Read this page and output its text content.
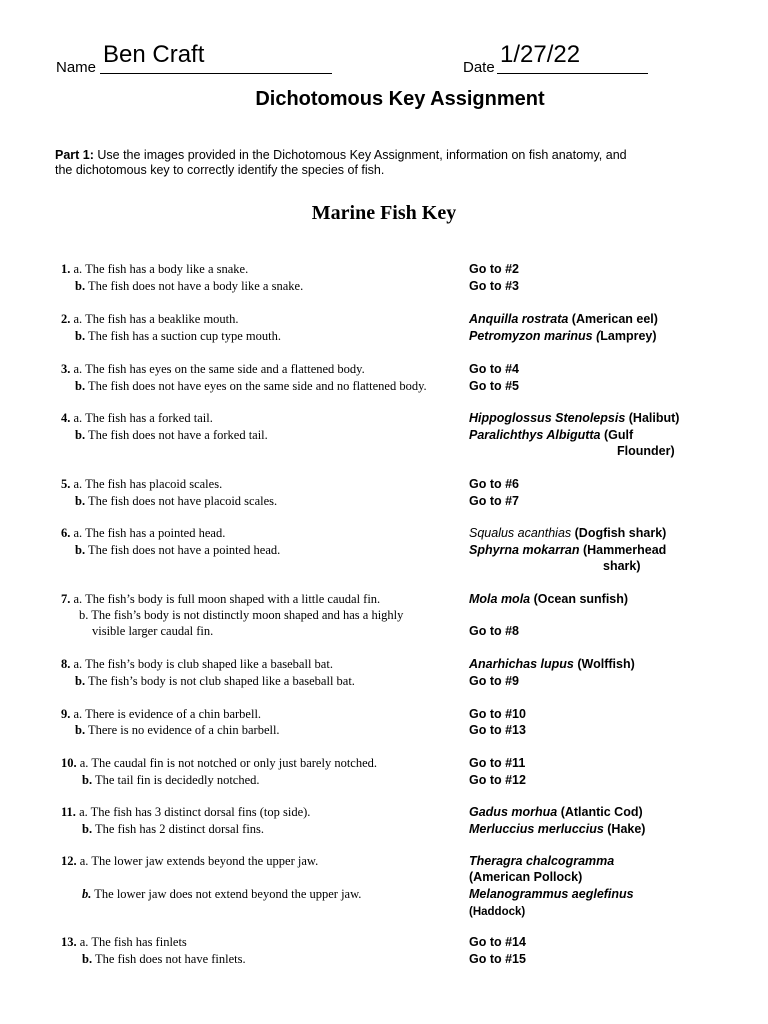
Name Ben Craft	Date 1/27/22
Dichotomous Key Assignment
Part 1: Use the images provided in the Dichotomous Key Assignment, information on fish anatomy, and
the dichotomous key to correctly identify the species of fish.
Marine Fish Key
1. a. The fish has a body like a snake.
b. The fish does not have a body like a snake.
Go to #2
Go to #3
2. a. The fish has a beaklike mouth.
b. The fish has a suction cup type mouth.
Anquilla rostrata (American eel)
Petromyzon marinus (Lamprey)
3. a. The fish has eyes on the same side and a flattened body.
b. The fish does not have eyes on the same side and no flattened body.
Go to #4
Go to #5
4. a. The fish has a forked tail.
b. The fish does not have a forked tail.
Hippoglossus Stenolepsis (Halibut)
Paralichthys Albigutta (Gulf
Flounder)
5. a. The fish has placoid scales.
b. The fish does not have placoid scales.
Go to #6
Go to #7
6. a. The fish has a pointed head.
b. The fish does not have a pointed head.
Squalus acanthias (Dogfish shark)
Sphyrna mokarran (Hammerhead
shark)
7. a. The fish’s body is full moon shaped with a little caudal fin.
b. The fish’s body is not distinctly moon shaped and has a highly
visible larger caudal fin.
Mola mola (Ocean sunfish)
Go to #8
8. a. The fish’s body is club shaped like a baseball bat.
b. The fish’s body is not club shaped like a baseball bat.
Anarhichas lupus (Wolffish)
Go to #9
9. a. There is evidence of a chin barbell.
b. There is no evidence of a chin barbell.
Go to #10
Go to #13
10. a. The caudal fin is not notched or only just barely notched.
b. The tail fin is decidedly notched.
Go to #11
Go to #12
11. a. The fish has 3 distinct dorsal fins (top side).
b. The fish has 2 distinct dorsal fins.
Gadus morhua (Atlantic Cod)
Merluccius merluccius (Hake)
12. a. The lower jaw extends beyond the upper jaw.
b. The lower jaw does not extend beyond the upper jaw.
Theragra chalcogramma
(American Pollock)
Melanogrammus aeglefinus
(Haddock)
13. a. The fish has finlets
b. The fish does not have finlets.
Go to #14
Go to #15
